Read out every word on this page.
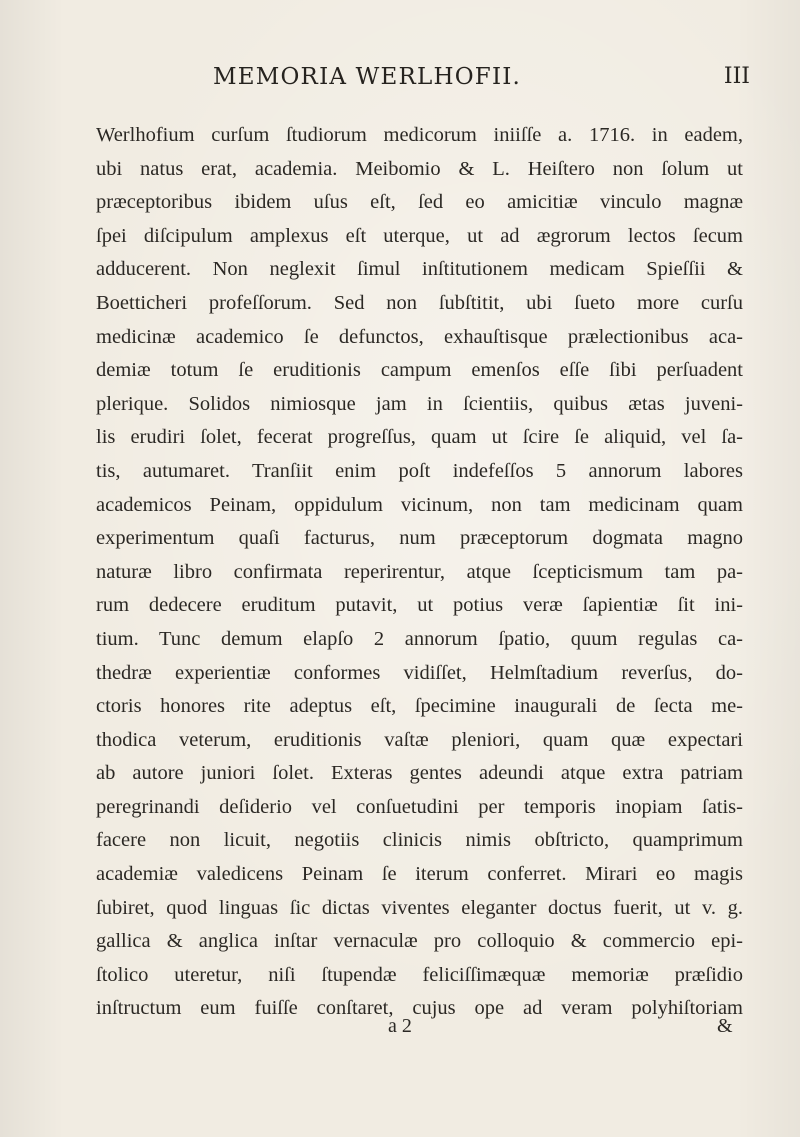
MEMORIA WERLHOFII.	III
Werlhofium curſum ſtudiorum medicorum iniiſſe a. 1716. in eadem,
ubi natus erat, academia. Meibomio & L. Heiſtero non ſolum ut
præceptoribus ibidem uſus eſt, ſed eo amicitiæ vinculo magnæ
ſpei diſcipulum amplexus eſt uterque, ut ad ægrorum lectos ſecum
adducerent. Non neglexit ſimul inſtitutionem medicam Spieſſii &
Boetticheri profeſſorum. Sed non ſubſtitit, ubi ſueto more curſu
medicinæ academico ſe defunctos, exhauſtisque prælectionibus aca-
demiæ totum ſe eruditionis campum emenſos eſſe ſibi perſuadent
plerique. Solidos nimiosque jam in ſcientiis, quibus ætas juveni-
lis erudiri ſolet, fecerat progreſſus, quam ut ſcire ſe aliquid, vel ſa-
tis, autumaret. Tranſiit enim poſt indefeſſos 5 annorum labores
academicos Peinam, oppidulum vicinum, non tam medicinam quam
experimentum quaſi facturus, num præceptorum dogmata magno
naturæ libro confirmata reperirentur, atque ſcepticismum tam pa-
rum dedecere eruditum putavit, ut potius veræ ſapientiæ ſit ini-
tium. Tunc demum elapſo 2 annorum ſpatio, quum regulas ca-
thedræ experientiæ conformes vidiſſet, Helmſtadium reverſus, do-
ctoris honores rite adeptus eſt, ſpecimine inaugurali de ſecta me-
thodica veterum, eruditionis vaſtæ pleniori, quam quæ expectari
ab autore juniori ſolet. Exteras gentes adeundi atque extra patriam
peregrinandi deſiderio vel conſuetudini per temporis inopiam ſatis-
facere non licuit, negotiis clinicis nimis obſtricto, quamprimum
academiæ valedicens Peinam ſe iterum conferret. Mirari eo magis
ſubiret, quod linguas ſic dictas viventes eleganter doctus fuerit, ut v. g.
gallica & anglica inſtar vernaculæ pro colloquio & commercio epi-
ſtolico uteretur, niſi ſtupendæ feliciſſimæquæ memoriæ præſidio
inſtructum eum fuiſſe conſtaret, cujus ope ad veram polyhiſtoriam
a 2	&
